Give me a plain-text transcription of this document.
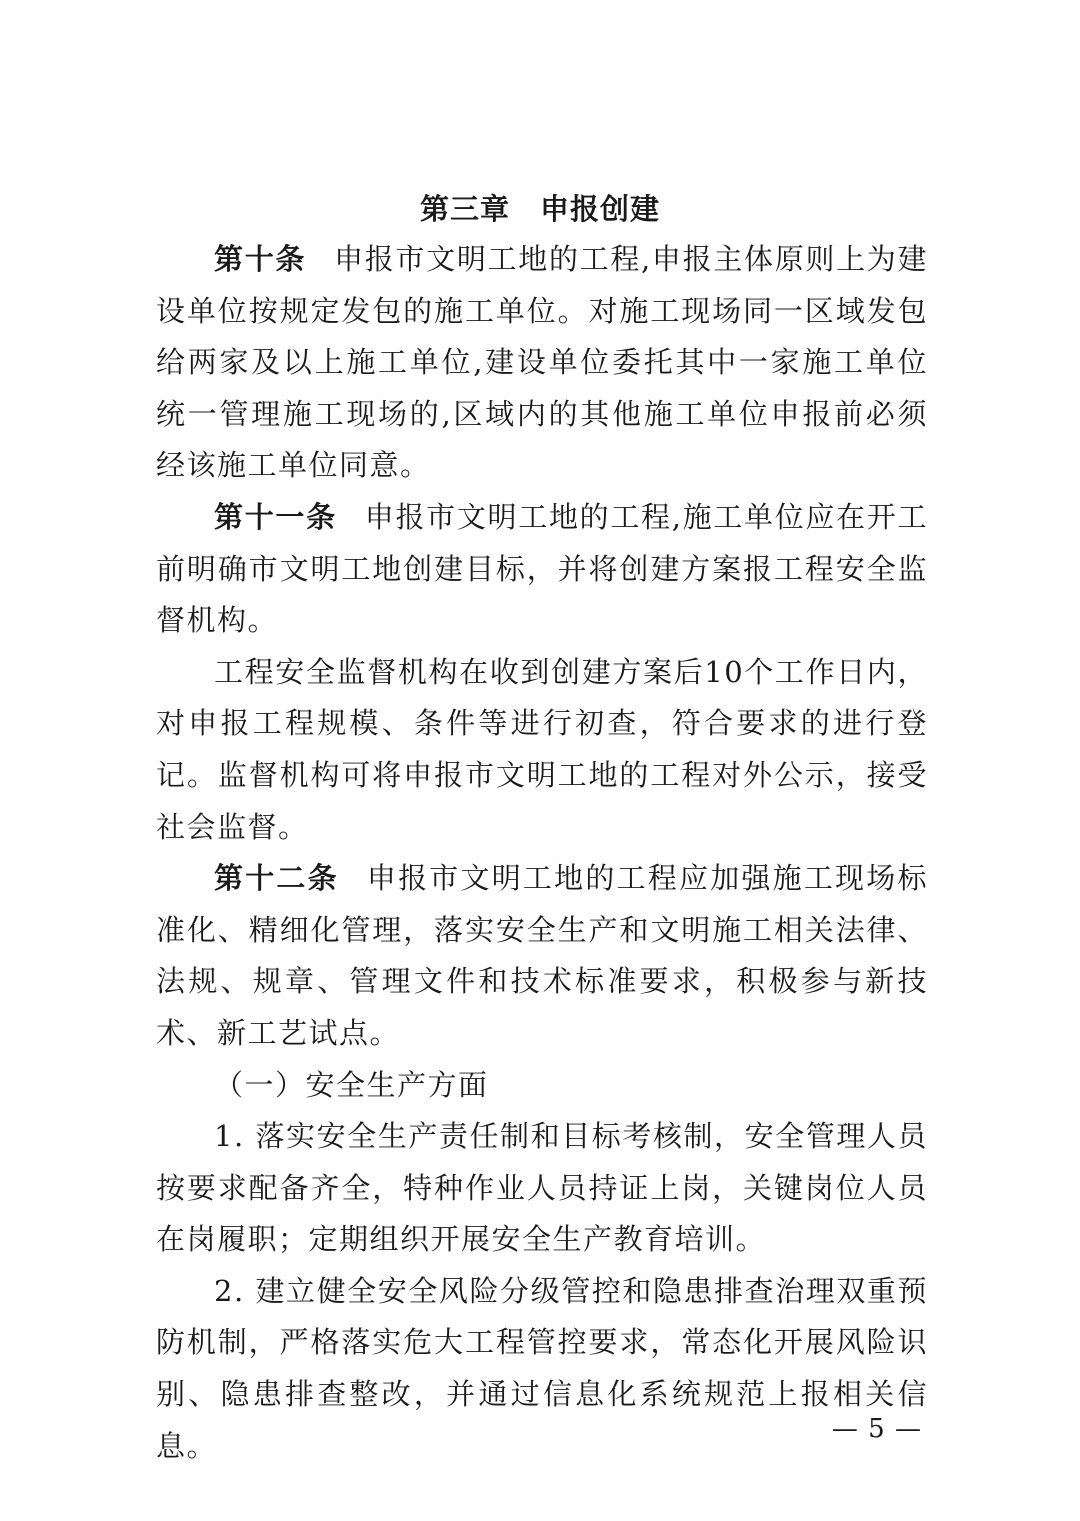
第三章　申报创建

第十条 申报市文明工地的工程,申报主体原则上为建设单位按规定发包的施工单位。对施工现场同一区域发包给两家及以上施工单位,建设单位委托其中一家施工单位统一管理施工现场的,区域内的其他施工单位申报前必须经该施工单位同意。

第十一条 申报市文明工地的工程,施工单位应在开工前明确市文明工地创建目标，并将创建方案报工程安全监督机构。

工程安全监督机构在收到创建方案后10个工作日内，对申报工程规模、条件等进行初查，符合要求的进行登记。监督机构可将申报市文明工地的工程对外公示，接受社会监督。

第十二条 申报市文明工地的工程应加强施工现场标准化、精细化管理，落实安全生产和文明施工相关法律、法规、规章、管理文件和技术标准要求，积极参与新技术、新工艺试点。

（一）安全生产方面

1. 落实安全生产责任制和目标考核制，安全管理人员按要求配备齐全，特种作业人员持证上岗，关键岗位人员在岗履职；定期组织开展安全生产教育培训。

2. 建立健全安全风险分级管控和隐患排查治理双重预防机制，严格落实危大工程管控要求，常态化开展风险识别、隐患排查整改，并通过信息化系统规范上报相关信息。	— 5 —
